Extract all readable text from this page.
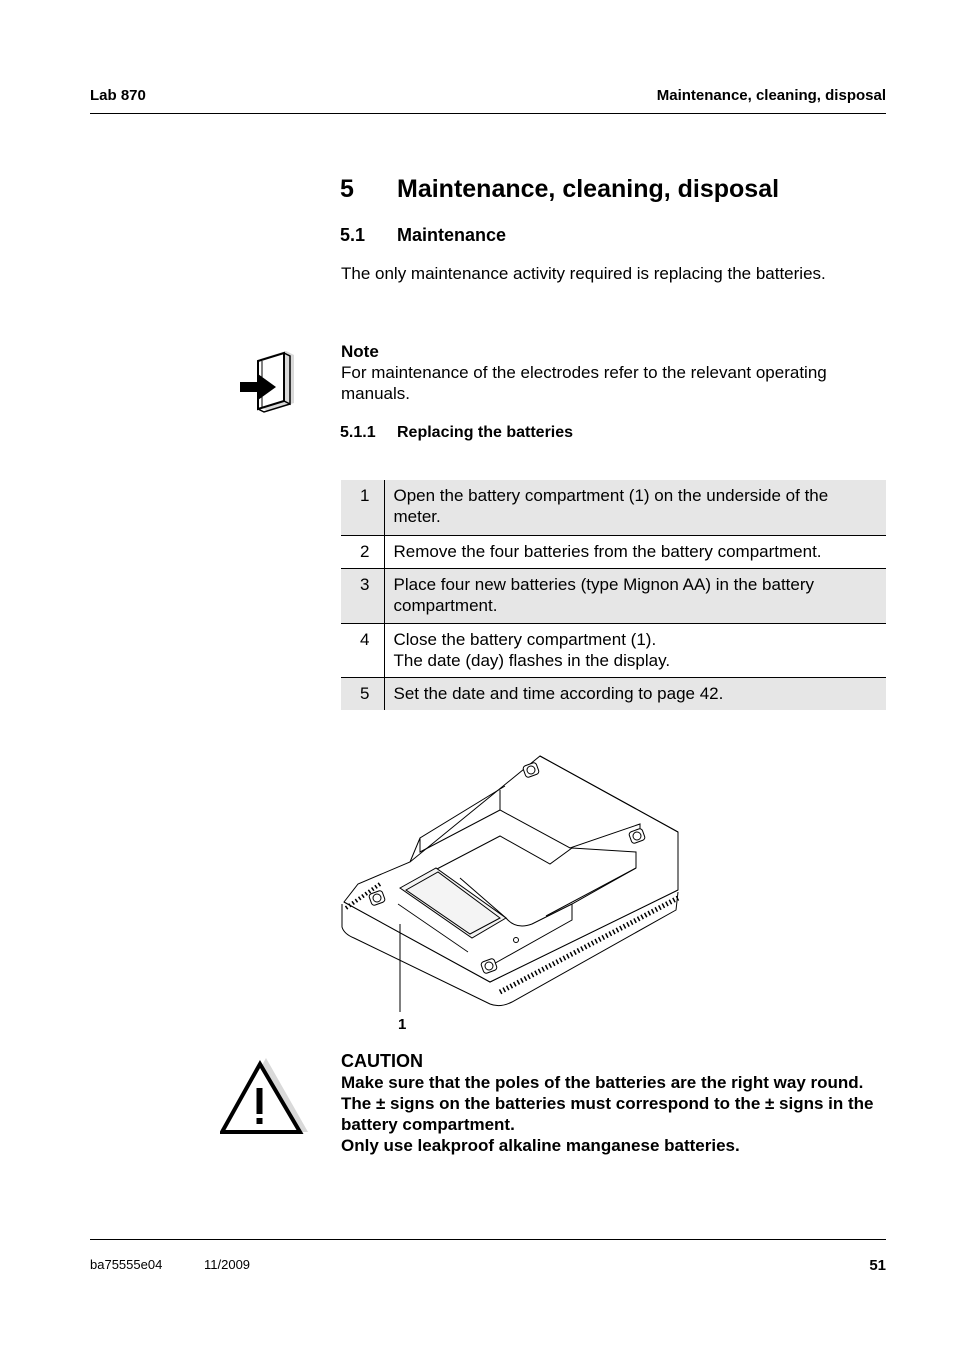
Lab 870	Maintenance, cleaning, disposal
5 Maintenance, cleaning, disposal
5.1 Maintenance
The only maintenance activity required is replacing the batteries.
Note
For maintenance of the electrodes refer to the relevant operating manuals.
5.1.1 Replacing the batteries
1	Open the battery compartment (1) on the underside of the meter.
2	Remove the four batteries from the battery compartment.
3	Place four new batteries (type Mignon AA) in the battery compartment.
4	Close the battery compartment (1).
The date (day) flashes in the display.

5	Set the date and time according to page 42.
1
CAUTION
Make sure that the poles of the batteries are the right way round.
The ± signs on the batteries must correspond to the ± signs in the battery compartment.
Only use leakproof alkaline manganese batteries.
ba75555e04	11/2009	51
